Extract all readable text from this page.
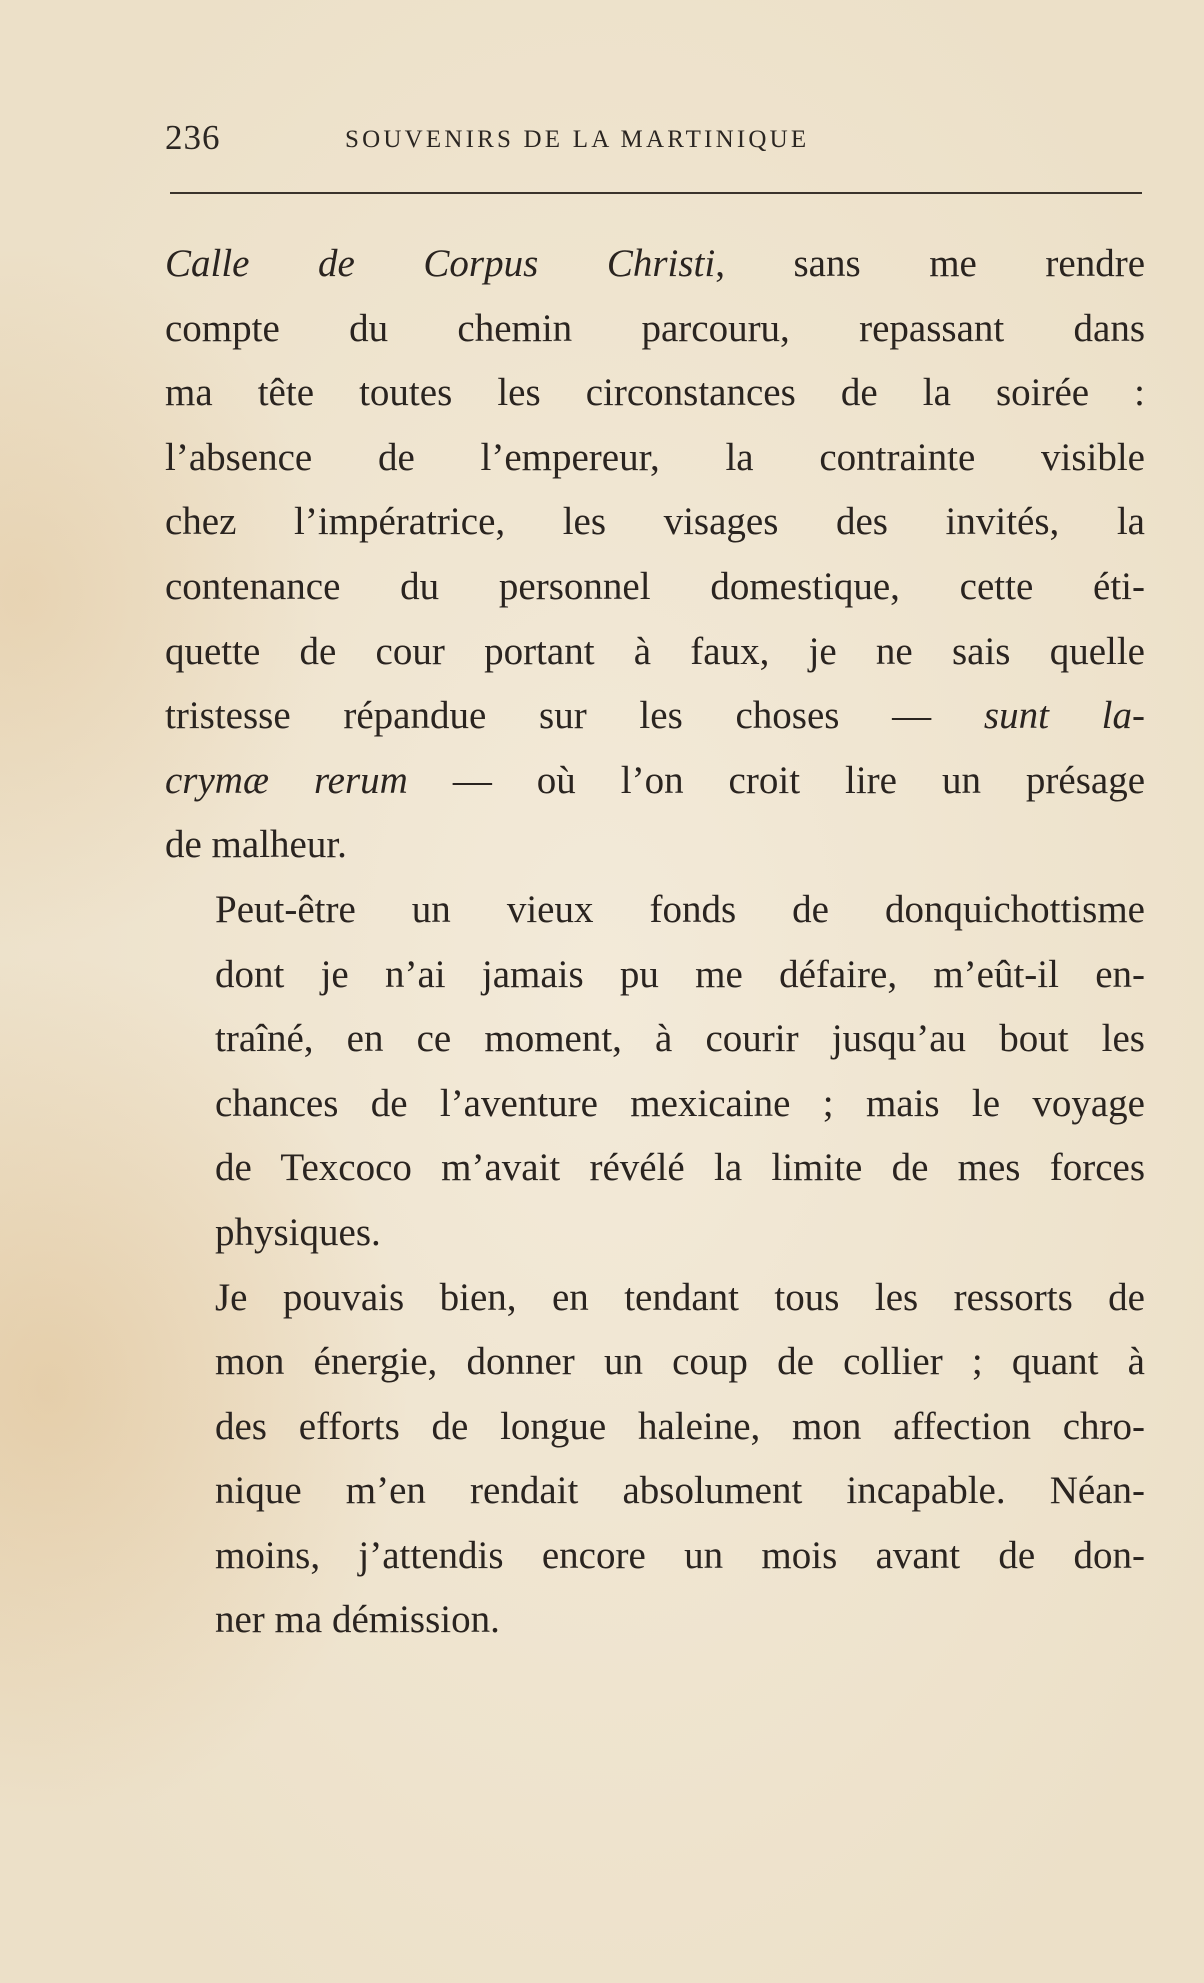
236	SOUVENIRS DE LA MARTINIQUE

Calle de Corpus Christi, sans me rendre
compte du chemin parcouru, repassant dans
ma tête toutes les circonstances de la soirée :
l’absence de l’empereur, la contrainte visible
chez l’impératrice, les visages des invités, la
contenance du personnel domestique, cette éti-
quette de cour portant à faux, je ne sais quelle
tristesse répandue sur les choses — sunt la-
crymæ rerum — où l’on croit lire un présage
de malheur.

Peut-être un vieux fonds de donquichottisme
dont je n’ai jamais pu me défaire, m’eût-il en-
traîné, en ce moment, à courir jusqu’au bout les
chances de l’aventure mexicaine ; mais le voyage
de Texcoco m’avait révélé la limite de mes forces
physiques.

Je pouvais bien, en tendant tous les ressorts de
mon énergie, donner un coup de collier ; quant à
des efforts de longue haleine, mon affection chro-
nique m’en rendait absolument incapable. Néan-
moins, j’attendis encore un mois avant de don-
ner ma démission.
